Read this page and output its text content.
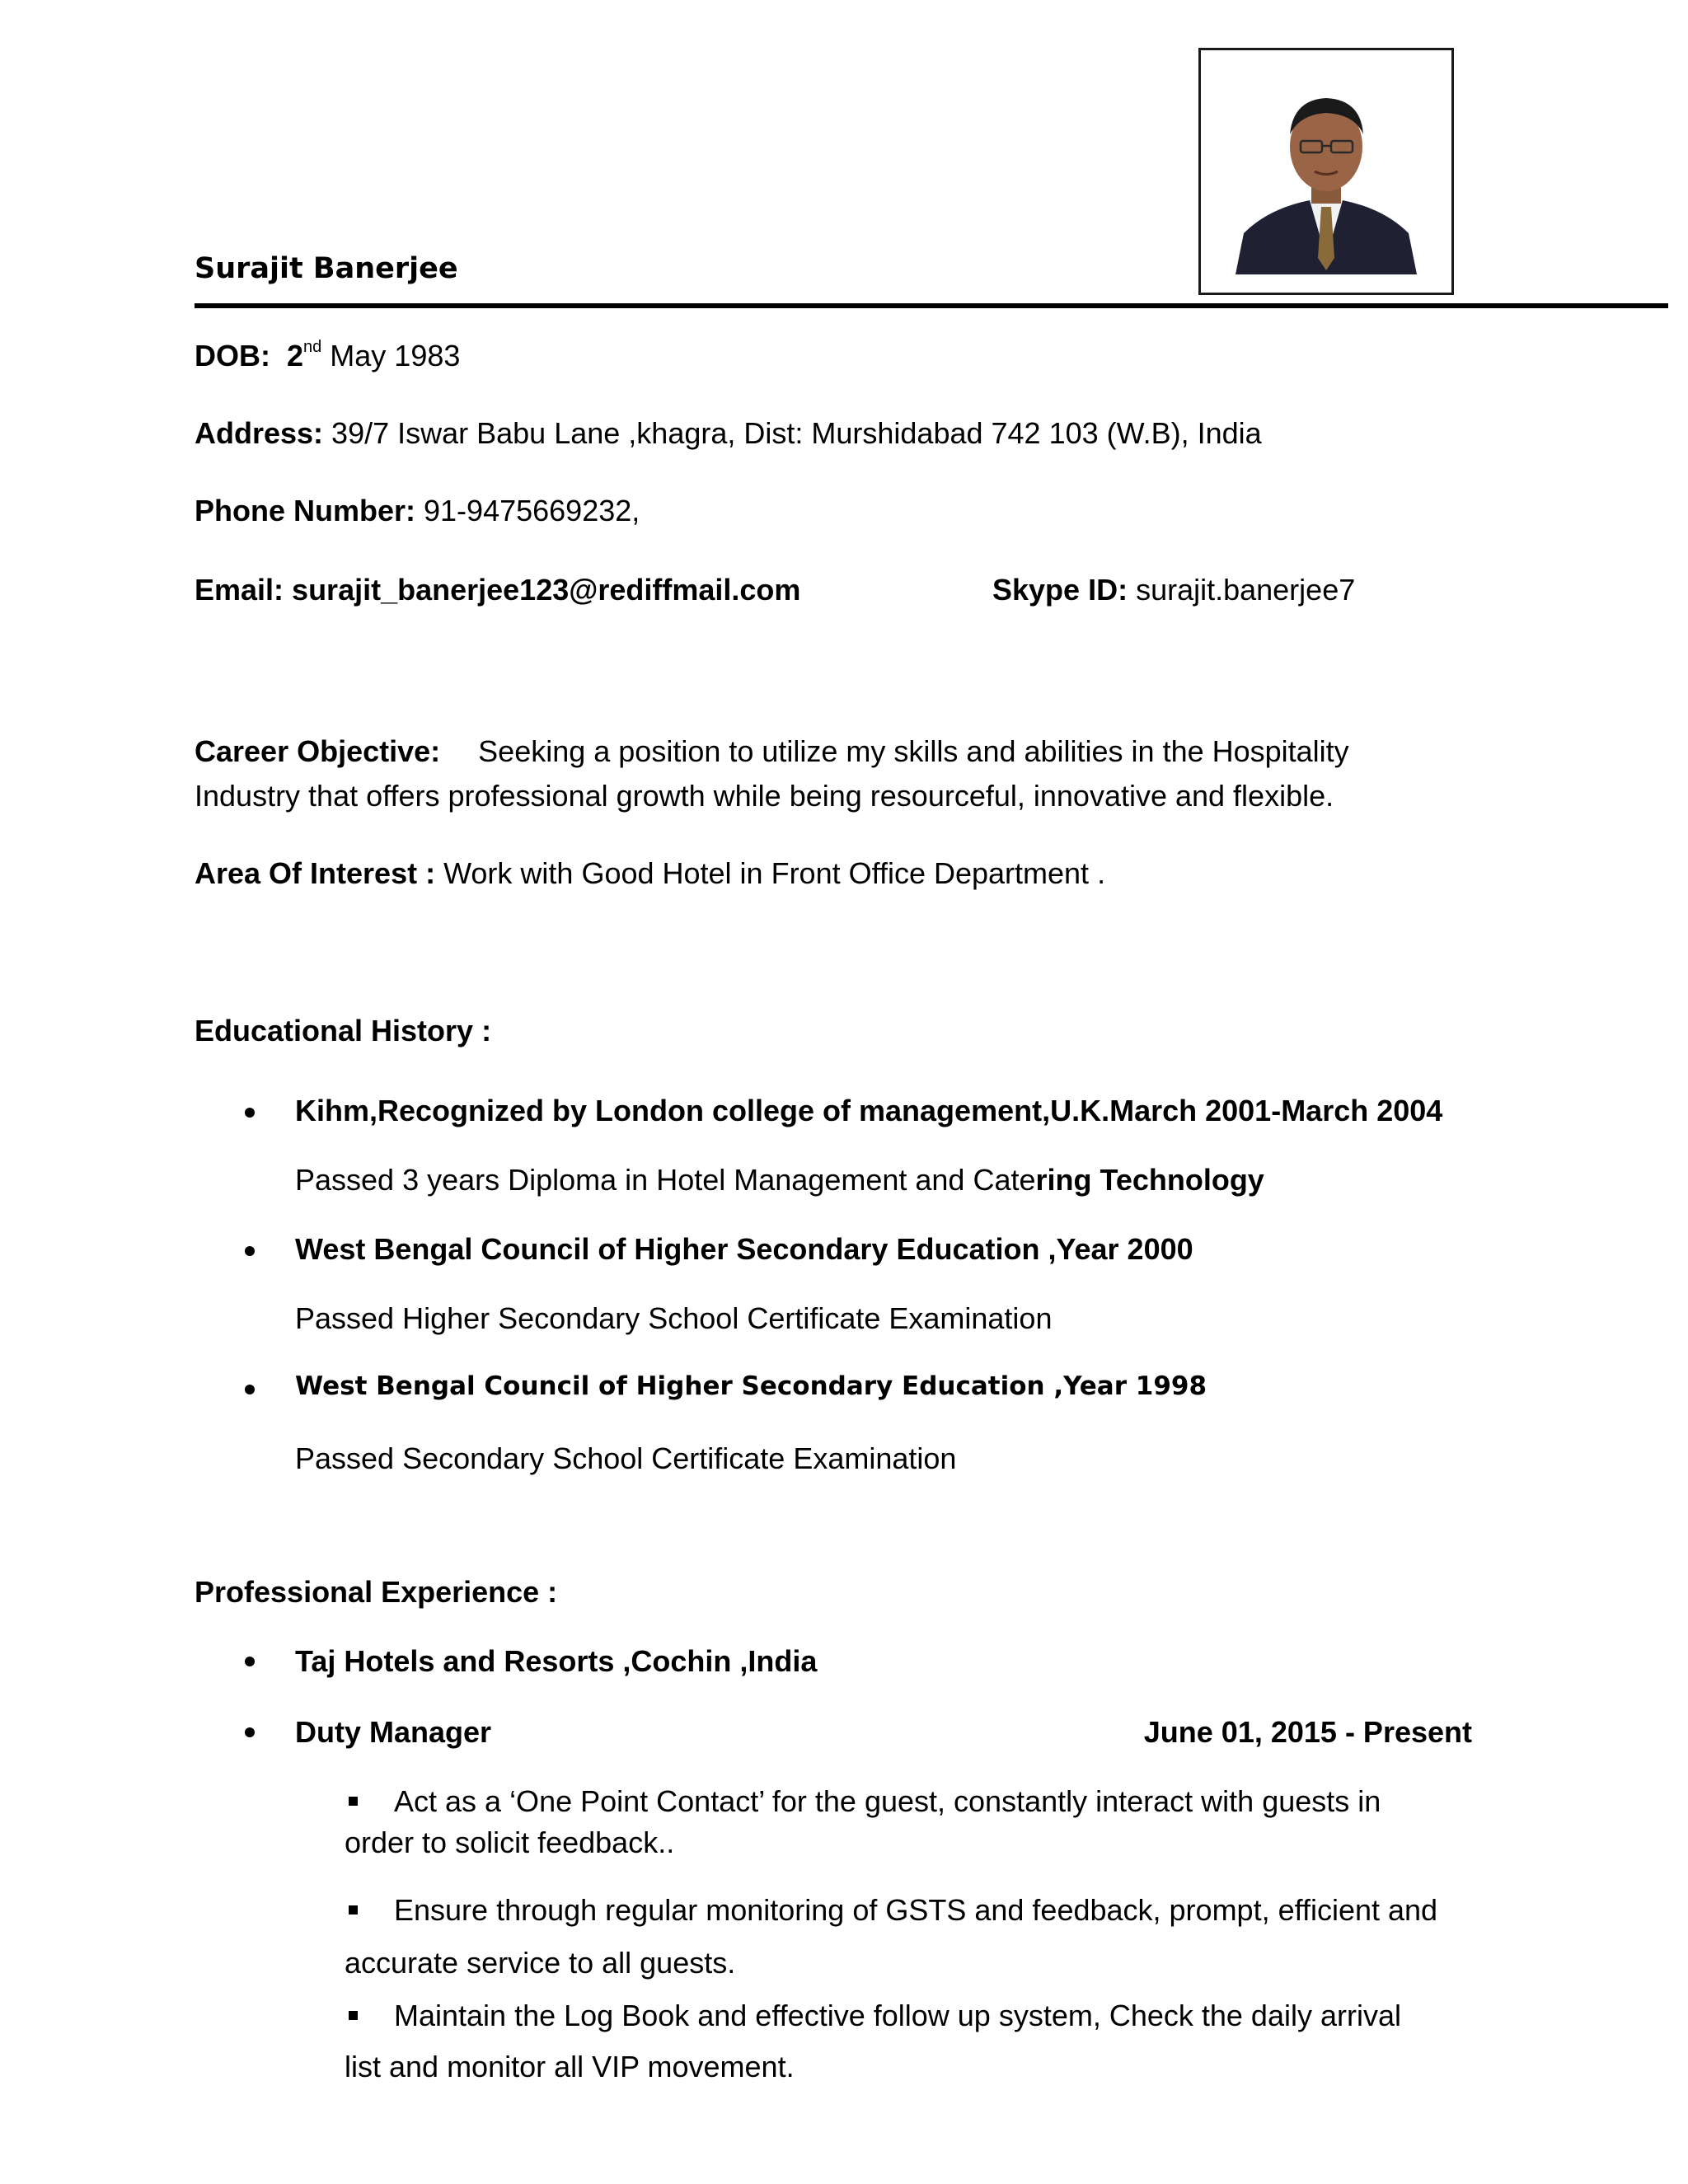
Surajit Banerjee
DOB: 2nd May 1983
Address: 39/7 Iswar Babu Lane ,khagra, Dist: Murshidabad 742 103 (W.B), India
Phone Number: 91-9475669232,
Email: surajit_banerjee123@rediffmail.com	Skype ID: surajit.banerjee7
Career Objective: Seeking a position to utilize my skills and abilities in the Hospitality
Industry that offers professional growth while being resourceful, innovative and flexible.
Area Of Interest : Work with Good Hotel in Front Office Department .
Educational History :
Kihm,Recognized by London college of management,U.K.March 2001-March 2004
Passed 3 years Diploma in Hotel Management and Catering Technology
West Bengal Council of Higher Secondary Education ,Year 2000
Passed Higher Secondary School Certificate Examination
West Bengal Council of Higher Secondary Education ,Year 1998
Passed Secondary School Certificate Examination
Professional Experience :
Taj Hotels and Resorts ,Cochin ,India
Duty Manager	June 01, 2015 - Present
Act as a ‘One Point Contact’ for the guest, constantly interact with guests in
order to solicit feedback..
Ensure through regular monitoring of GSTS and feedback, prompt, efficient and
accurate service to all guests.
Maintain the Log Book and effective follow up system, Check the daily arrival
list and monitor all VIP movement.
